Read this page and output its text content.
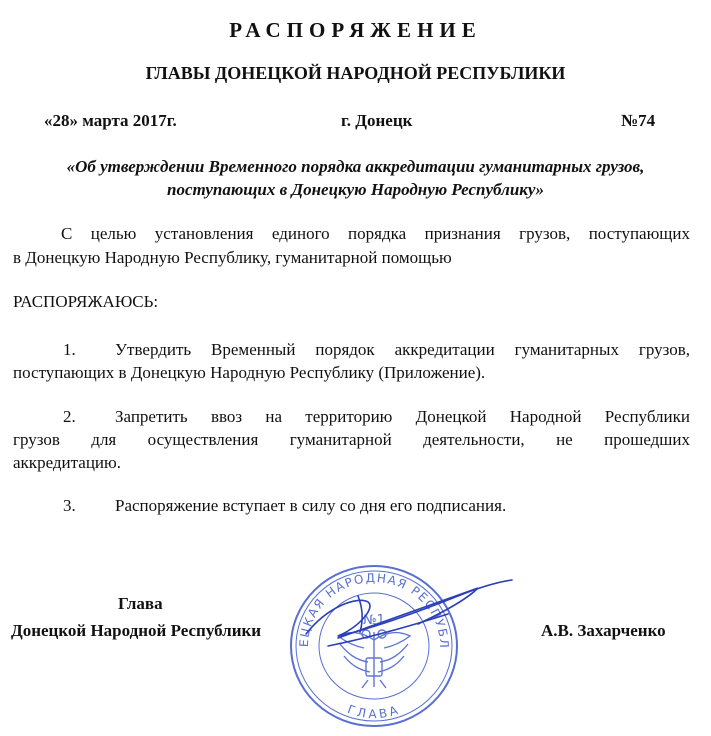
РАСПОРЯЖЕНИЕ
ГЛАВЫ ДОНЕЦКОЙ НАРОДНОЙ РЕСПУБЛИКИ
«28» марта 2017г.	г. Донецк	№74
«Об утверждении Временного порядка аккредитации гуманитарных грузов,
поступающих в Донецкую Народную Республику»
С целью установления единого порядка признания грузов, поступающих
в Донецкую Народную Республику, гуманитарной помощью
РАСПОРЯЖАЮСЬ:
1. Утвердить Временный порядок аккредитации гуманитарных грузов,
поступающих в Донецкую Народную Республику (Приложение).
2. Запретить ввоз на территорию Донецкой Народной Республики
грузов для осуществления гуманитарной деятельности, не прошедших
аккредитацию.
3. Распоряжение вступает в силу со дня его подписания.
Глава
Донецкой Народной Республики	А.В. Захарченко
ЕЦКАЯ НАРОДНАЯ РЕСПУБЛ
ГЛАВА
№1
